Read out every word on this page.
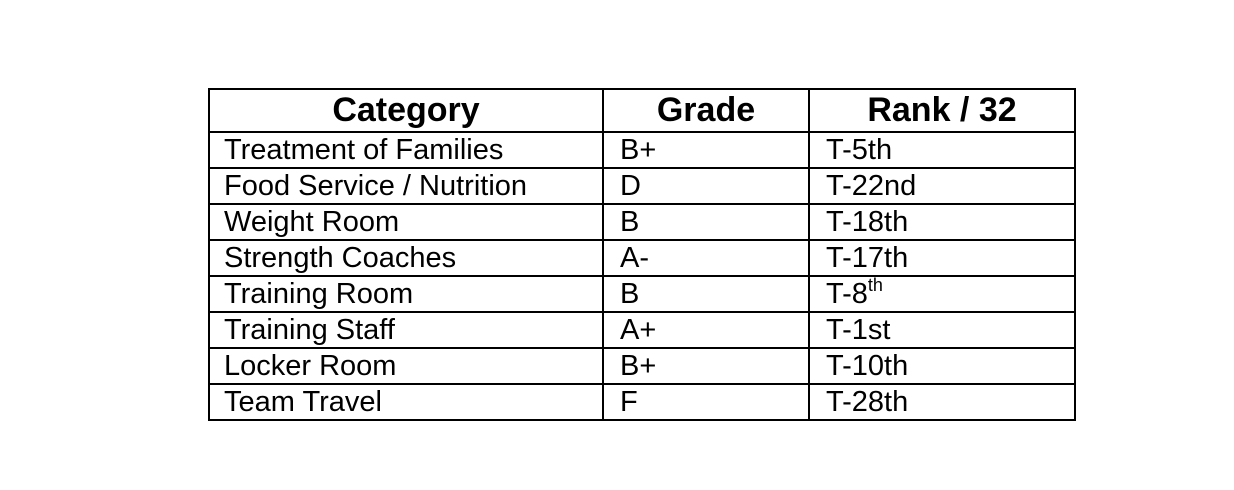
Category	Grade	Rank / 32
Treatment of Families	B+	T-5th
Food Service / Nutrition	D	T-22nd
Weight Room	B	T-18th
Strength Coaches	A-	T-17th
Training Room	B	T-8th
Training Staff	A+	T-1st
Locker Room	B+	T-10th
Team Travel	F	T-28th
